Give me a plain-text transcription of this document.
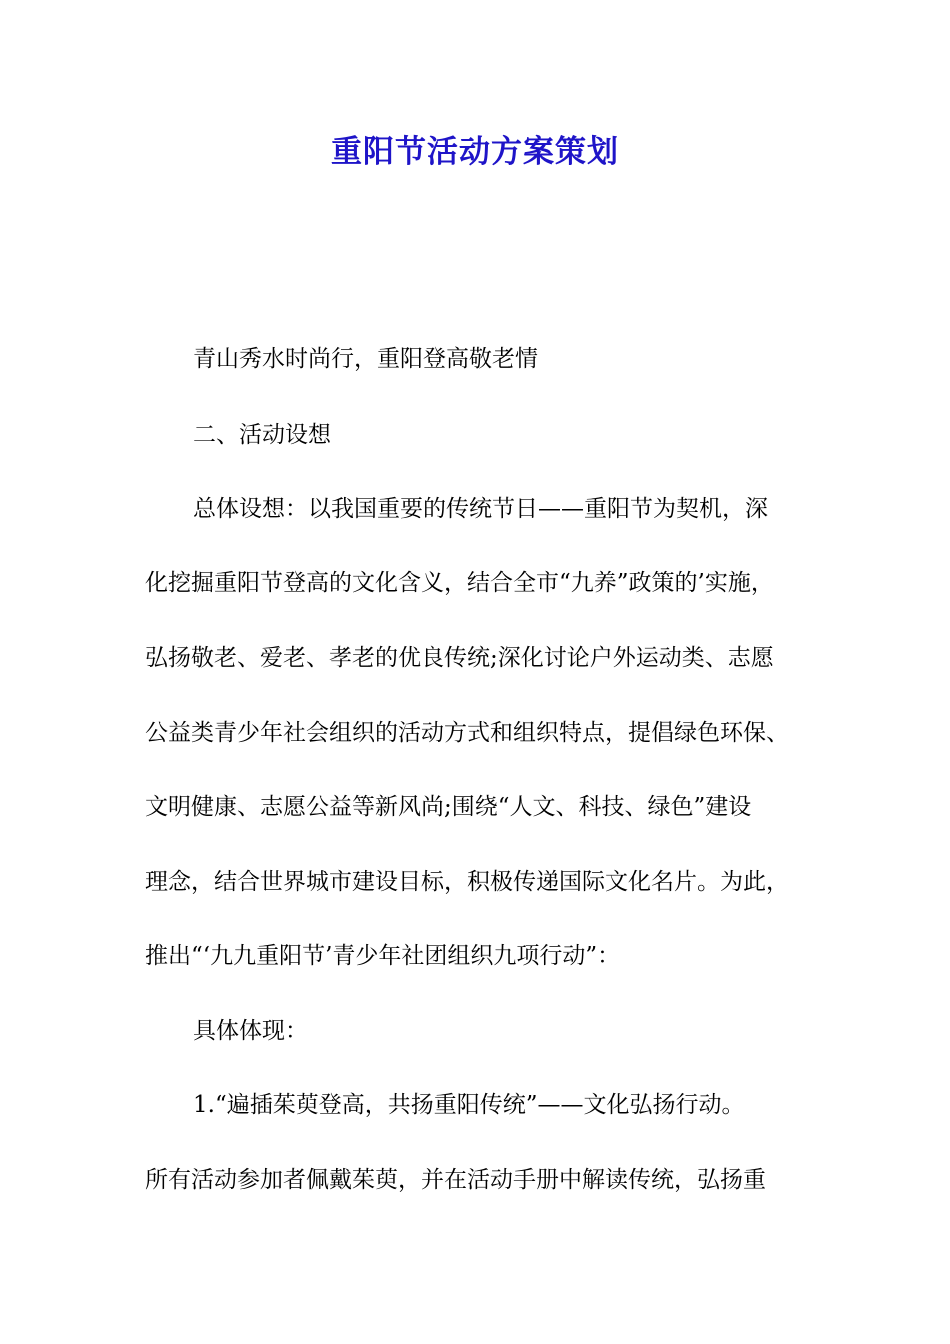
重阳节活动方案策划
青山秀水时尚行，重阳登高敬老情
二、活动设想
总体设想：以我国重要的传统节日——重阳节为契机，深
化挖掘重阳节登高的文化含义，结合全市“九养”政策的’实施，
弘扬敬老、爱老、孝老的优良传统;深化讨论户外运动类、志愿
公益类青少年社会组织的活动方式和组织特点，提倡绿色环保、
文明健康、志愿公益等新风尚;围绕“人文、科技、绿色”建设
理念，结合世界城市建设目标，积极传递国际文化名片。为此，
推出“‘九九重阳节’青少年社团组织九项行动”：
具体体现：
1.“遍插茱萸登高，共扬重阳传统”——文化弘扬行动。
所有活动参加者佩戴茱萸，并在活动手册中解读传统，弘扬重
